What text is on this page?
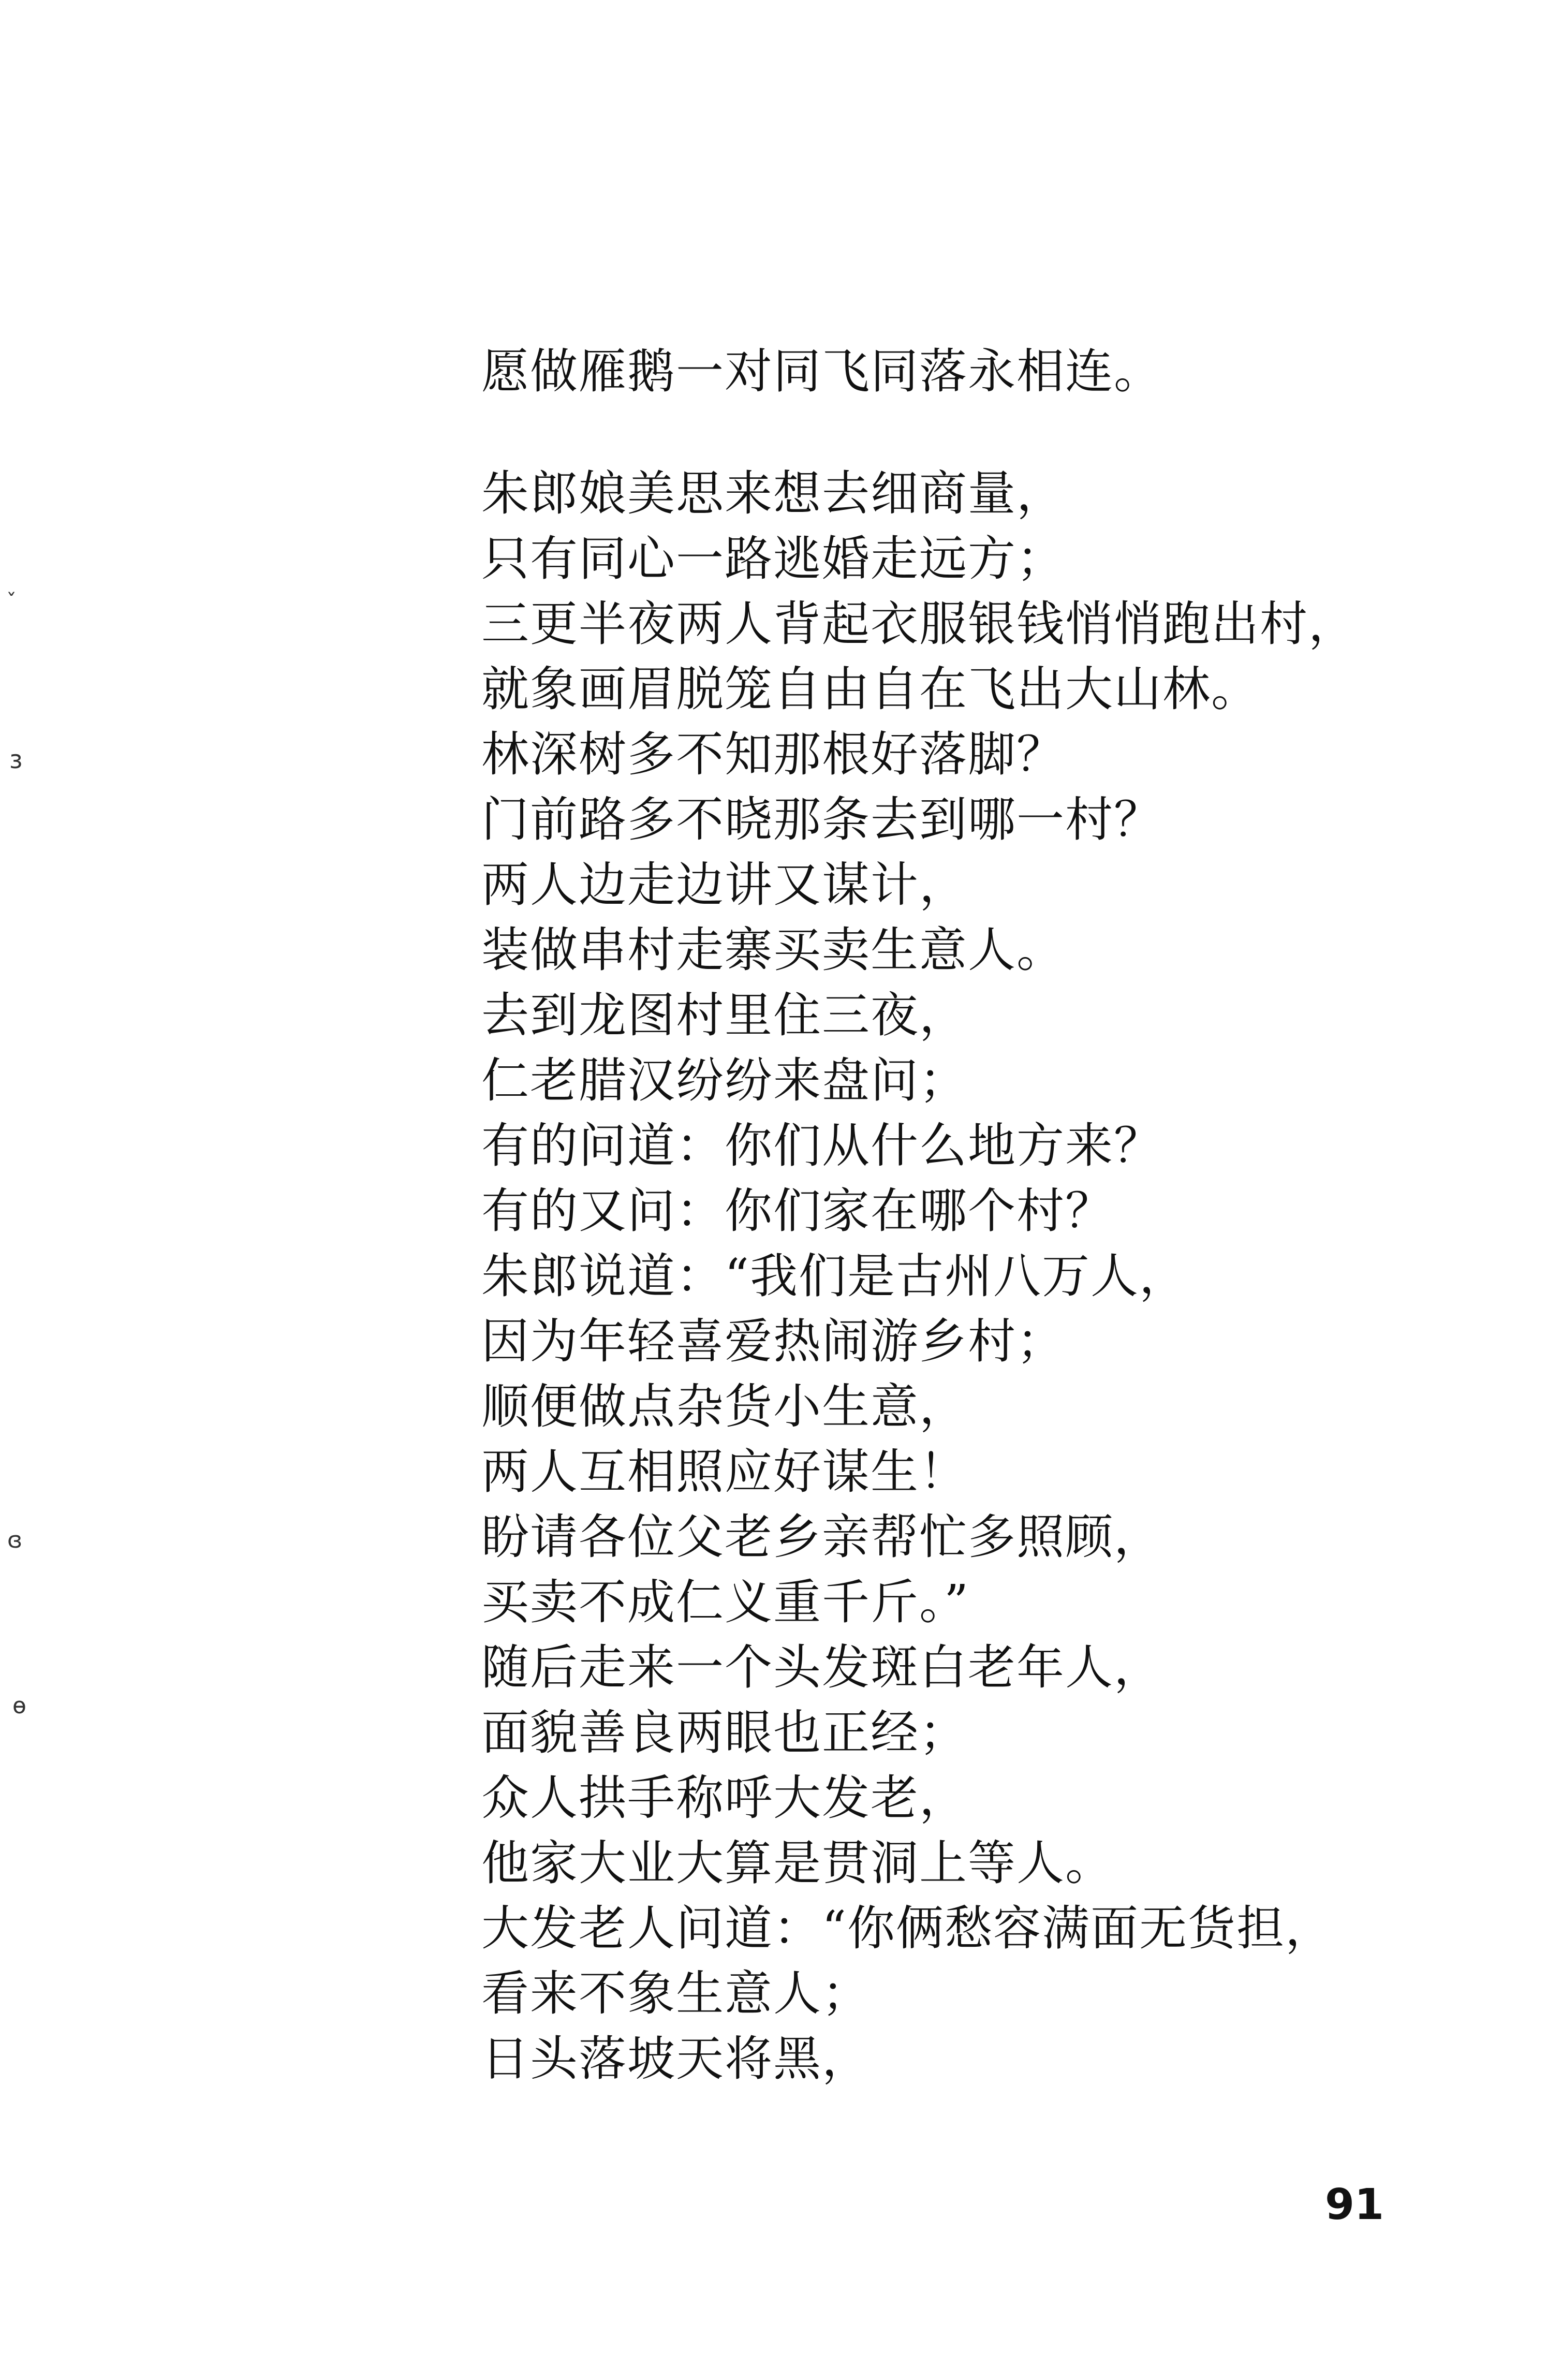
ˇ
ɜ
ɞ
ɵ
愿做雁鹅一对同飞同落永相连。
朱郎娘美思来想去细商量，
只有同心一路逃婚走远方；
三更半夜两人背起衣服银钱悄悄跑出村，
就象画眉脱笼自由自在飞出大山林。
林深树多不知那根好落脚？
门前路多不晓那条去到哪一村？
两人边走边讲又谋计，
装做串村走寨买卖生意人。
去到龙图村里住三夜，
仁老腊汉纷纷来盘问；
有的问道：你们从什么地方来？
有的又问：你们家在哪个村？
朱郎说道：“我们是古州八万人，
因为年轻喜爱热闹游乡村；
顺便做点杂货小生意，
两人互相照应好谋生！
盼请各位父老乡亲帮忙多照顾，
买卖不成仁义重千斤。”
随后走来一个头发斑白老年人，
面貌善良两眼也正经；
众人拱手称呼大发老，
他家大业大算是贯洞上等人。
大发老人问道：“你俩愁容满面无货担，
看来不象生意人；
日头落坡天将黑，
91
